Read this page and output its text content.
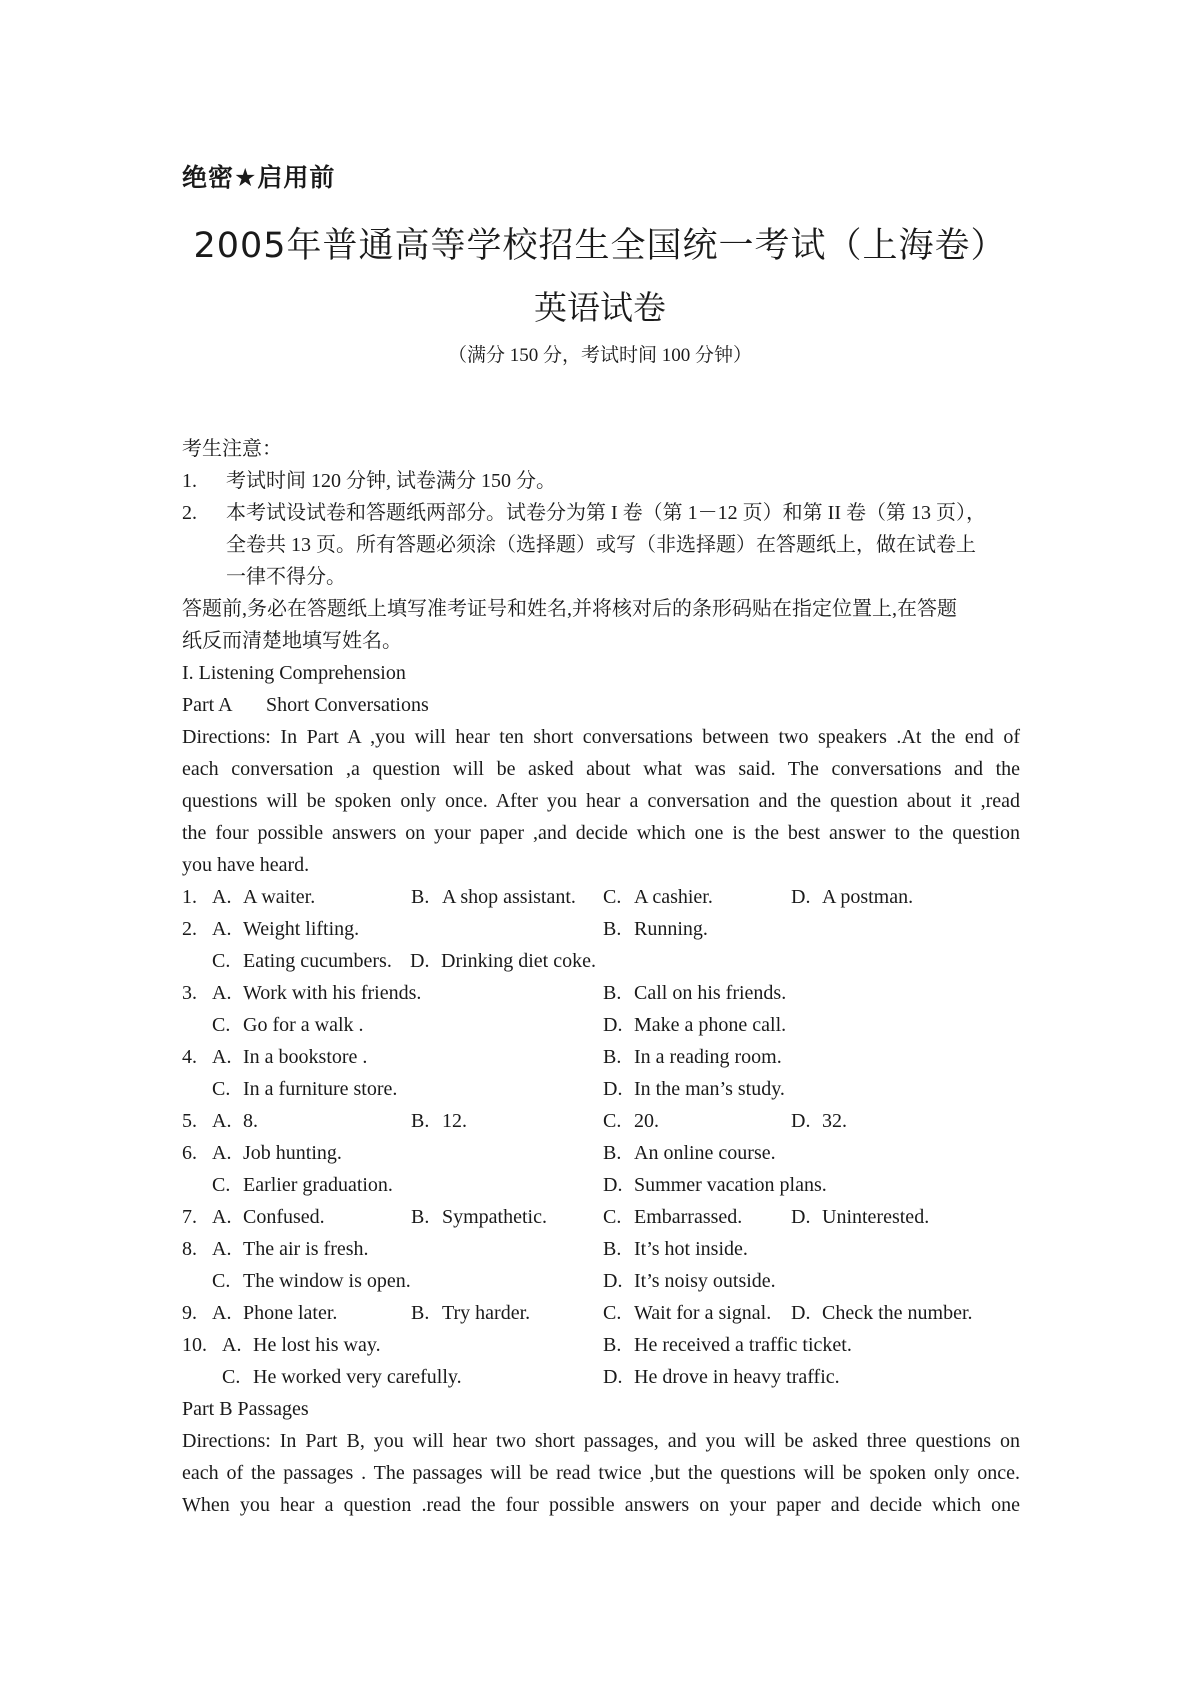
绝密★启用前
2005年普通高等学校招生全国统一考试（上海卷）
英语试卷
（满分 150 分，考试时间 100 分钟）
考生注意：
1. 考试时间 120 分钟, 试卷满分 150 分。
2. 本考试设试卷和答题纸两部分。试卷分为第 I 卷（第 1－12 页）和第 II 卷（第 13 页），
全卷共 13 页。所有答题必须涂（选择题）或写（非选择题）在答题纸上，做在试卷上
一律不得分。
答题前,务必在答题纸上填写准考证号和姓名,并将核对后的条形码贴在指定位置上,在答题
纸反而清楚地填写姓名。
I. Listening Comprehension
Part A Short Conversations
Directions: In Part A ,you will hear ten short conversations between two speakers .At the end of
each conversation ,a question will be asked about what was said. The conversations and the
questions will be spoken only once. After you hear a conversation and the question about it ,read
the four possible answers on your paper ,and decide which one is the best answer to the question
you have heard.
1. A. A waiter.	B. A shop assistant. C. A cashier.	D. A postman.
2. A. Weight lifting.	B. Running.
C. Eating cucumbers. D. Drinking diet coke.
3. A. Work with his friends.	B. Call on his friends.
C. Go for a walk .	D. Make a phone call.
4. A. In a bookstore .	B. In a reading room.
C. In a furniture store.	D. In the man’s study.
5. A. 8.	B. 12.	C. 20.	D. 32.
6. A. Job hunting.	B. An online course.
C. Earlier graduation.	D. Summer vacation plans.
7. A. Confused.	B. Sympathetic.	C. Embarrassed. D. Uninterested.
8. A. The air is fresh.	B. It’s hot inside.
C. The window is open.	D. It’s noisy outside.
9. A. Phone later.	B. Try harder.	C. Wait for a signal. D. Check the number.
10. A. He lost his way.	B. He received a traffic ticket.
C. He worked very carefully.	D. He drove in heavy traffic.
Part B Passages
Directions: In Part B, you will hear two short passages, and you will be asked three questions on
each of the passages . The passages will be read twice ,but the questions will be spoken only once.
When you hear a question .read the four possible answers on your paper and decide which one
